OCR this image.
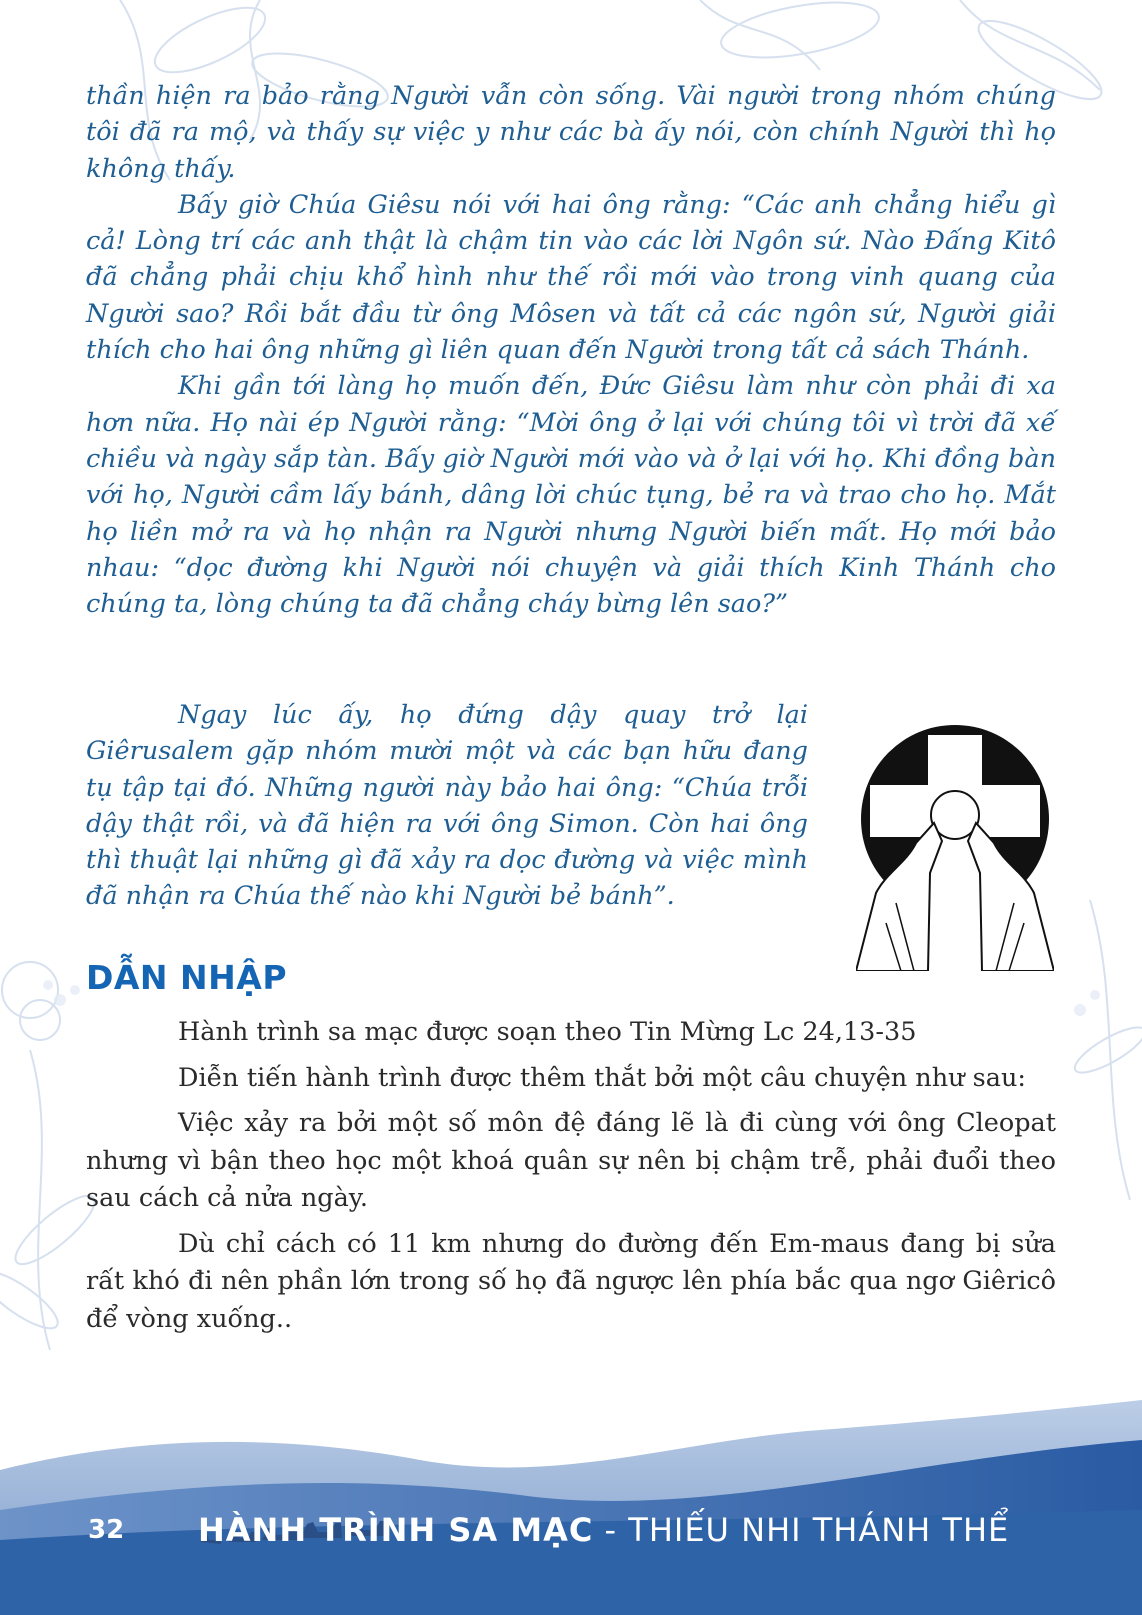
thần hiện ra bảo rằng Người vẫn còn sống. Vài người trong nhóm chúng tôi đã ra mộ, và thấy sự việc y như các bà ấy nói, còn chính Người thì họ không thấy.

Bấy giờ Chúa Giêsu nói với hai ông rằng: “Các anh chẳng hiểu gì cả! Lòng trí các anh thật là chậm tin vào các lời Ngôn sứ. Nào Đấng Kitô đã chẳng phải chịu khổ hình như thế rồi mới vào trong vinh quang của Người sao? Rồi bắt đầu từ ông Môsen và tất cả các ngôn sứ, Người giải thích cho hai ông những gì liên quan đến Người trong tất cả sách Thánh.

Khi gần tới làng họ muốn đến, Đức Giêsu làm như còn phải đi xa hơn nữa. Họ nài ép Người rằng: “Mời ông ở lại với chúng tôi vì trời đã xế chiều và ngày sắp tàn. Bấy giờ Người mới vào và ở lại với họ. Khi đồng bàn với họ, Người cầm lấy bánh, dâng lời chúc tụng, bẻ ra và trao cho họ. Mắt họ liền mở ra và họ nhận ra Người nhưng Người biến mất. Họ mới bảo nhau: “dọc đường khi Người nói chuyện và giải thích Kinh Thánh cho chúng ta, lòng chúng ta đã chẳng cháy bừng lên sao?”

Ngay lúc ấy, họ đứng dậy quay trở lại Giêrusalem gặp nhóm mười một và các bạn hữu đang tụ tập tại đó. Những người này bảo hai ông: “Chúa trỗi dậy thật rồi, và đã hiện ra với ông Simon. Còn hai ông thì thuật lại những gì đã xảy ra dọc đường và việc mình đã nhận ra Chúa thế nào khi Người bẻ bánh”.

DẪN NHẬP

Hành trình sa mạc được soạn theo Tin Mừng Lc 24,13-35

Diễn tiến hành trình được thêm thắt bởi một câu chuyện như sau:

Việc xảy ra bởi một số môn đệ đáng lẽ là đi cùng với ông Cleopat nhưng vì bận theo học một khoá quân sự nên bị chậm trễ, phải đuổi theo sau cách cả nửa ngày.

Dù chỉ cách có 11 km nhưng do đường đến Em-maus đang bị sửa rất khó đi nên phần lớn trong số họ đã ngược lên phía bắc qua ngơ Giêricô để vòng xuống..

32	HÀNH TRÌNH SA MẠC - THIẾU NHI THÁNH THỂ
